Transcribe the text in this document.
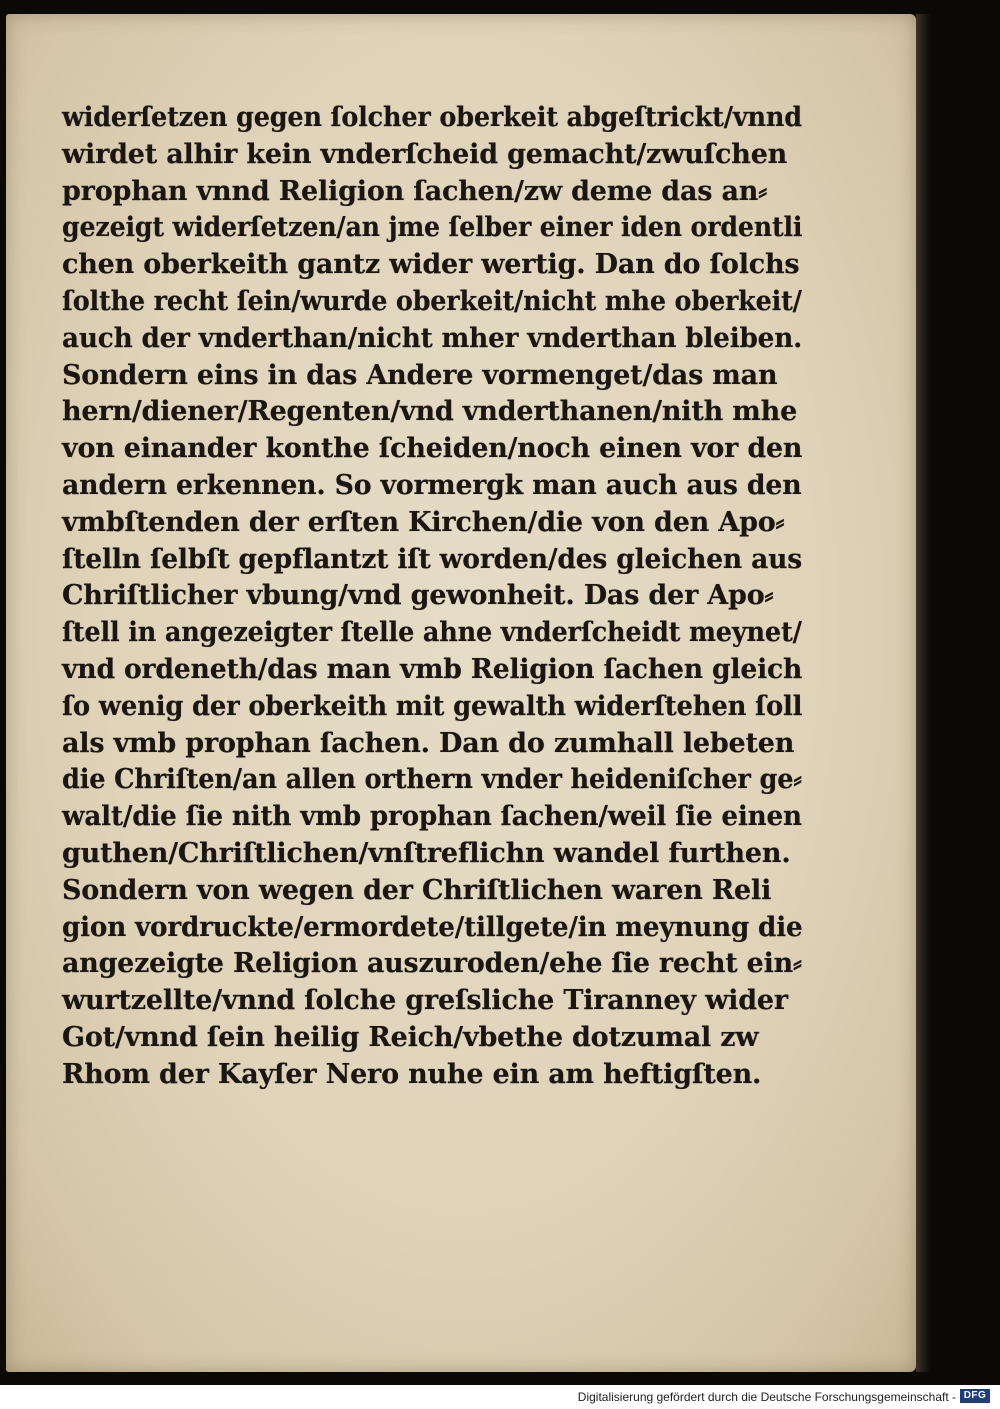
widerſetzen gegen ſolcher oberkeit abgeſtrickt/vnnd
wirdet alhir kein vnderſcheid gemacht/zwuſchen
prophan vnnd Religion ſachen/zw deme das an⸗
gezeigt widerſetzen/an jme ſelber einer iden ordentli
chen oberkeith gantz wider wertig. Dan do ſolchs
ſolthe recht ſein/wurde oberkeit/nicht mhe oberkeit/
auch der vnderthan/nicht mher vnderthan bleiben.
Sondern eins in das Andere vormenget/das man
hern/diener/Regenten/vnd vnderthanen/nith mhe
von einander konthe ſcheiden/noch einen vor den
andern erkennen. So vormergk man auch aus den
vmbſtenden der erſten Kirchen/die von den Apo⸗
ſtelln ſelbſt gepflantzt iſt worden/des gleichen aus
Chriſtlicher vbung/vnd gewonheit. Das der Apo⸗
ſtell in angezeigter ſtelle ahne vnderſcheidt meynet/
vnd ordeneth/das man vmb Religion ſachen gleich
ſo wenig der oberkeith mit gewalth widerſtehen ſoll
als vmb prophan ſachen. Dan do zumhall lebeten
die Chriſten/an allen orthern vnder heideniſcher ge⸗
walt/die ſie nith vmb prophan ſachen/weil ſie einen
guthen/Chriſtlichen/vnſtreflichn wandel furthen.
Sondern von wegen der Chriſtlichen waren Reli
gion vordruckte/ermordete/tillgete/in meynung die
angezeigte Religion auszuroden/ehe ſie recht ein⸗
wurtzellte/vnnd ſolche greſsliche Tiranney wider
Got/vnnd ſein heilig Reich/vbethe dotzumal zw
Rhom der Kayſer Nero nuhe ein am heftigſten.
Digitalisierung gefördert durch die Deutsche Forschungsgemeinschaft - DFG
